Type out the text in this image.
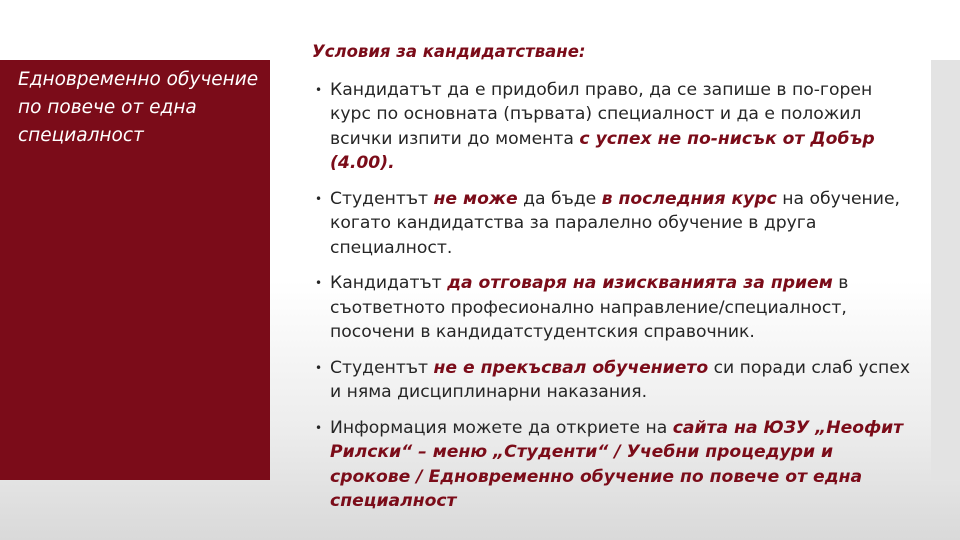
Едновременно обучение по повече от една специалност
Условия за кандидатстване:
• Кандидатът да е придобил право, да се запише в по-горен курс по основната (първата) специалност и да е положил всички изпити до момента с успех не по-нисък от Добър (4.00).
• Студентът не може да бъде в последния курс на обучение, когато кандидатства за паралелно обучение в друга специалност.
• Кандидатът да отговаря на изискванията за прием в съответното професионално направление/специалност, посочени в кандидатстудентския справочник.
• Студентът не е прекъсвал обучението си поради слаб успех и няма дисциплинарни наказания.
• Информация можете да откриете на сайта на ЮЗУ „Неофит Рилски“ – меню „Студенти“ / Учебни процедури и срокове / Едновременно обучение по повече от една специалност
